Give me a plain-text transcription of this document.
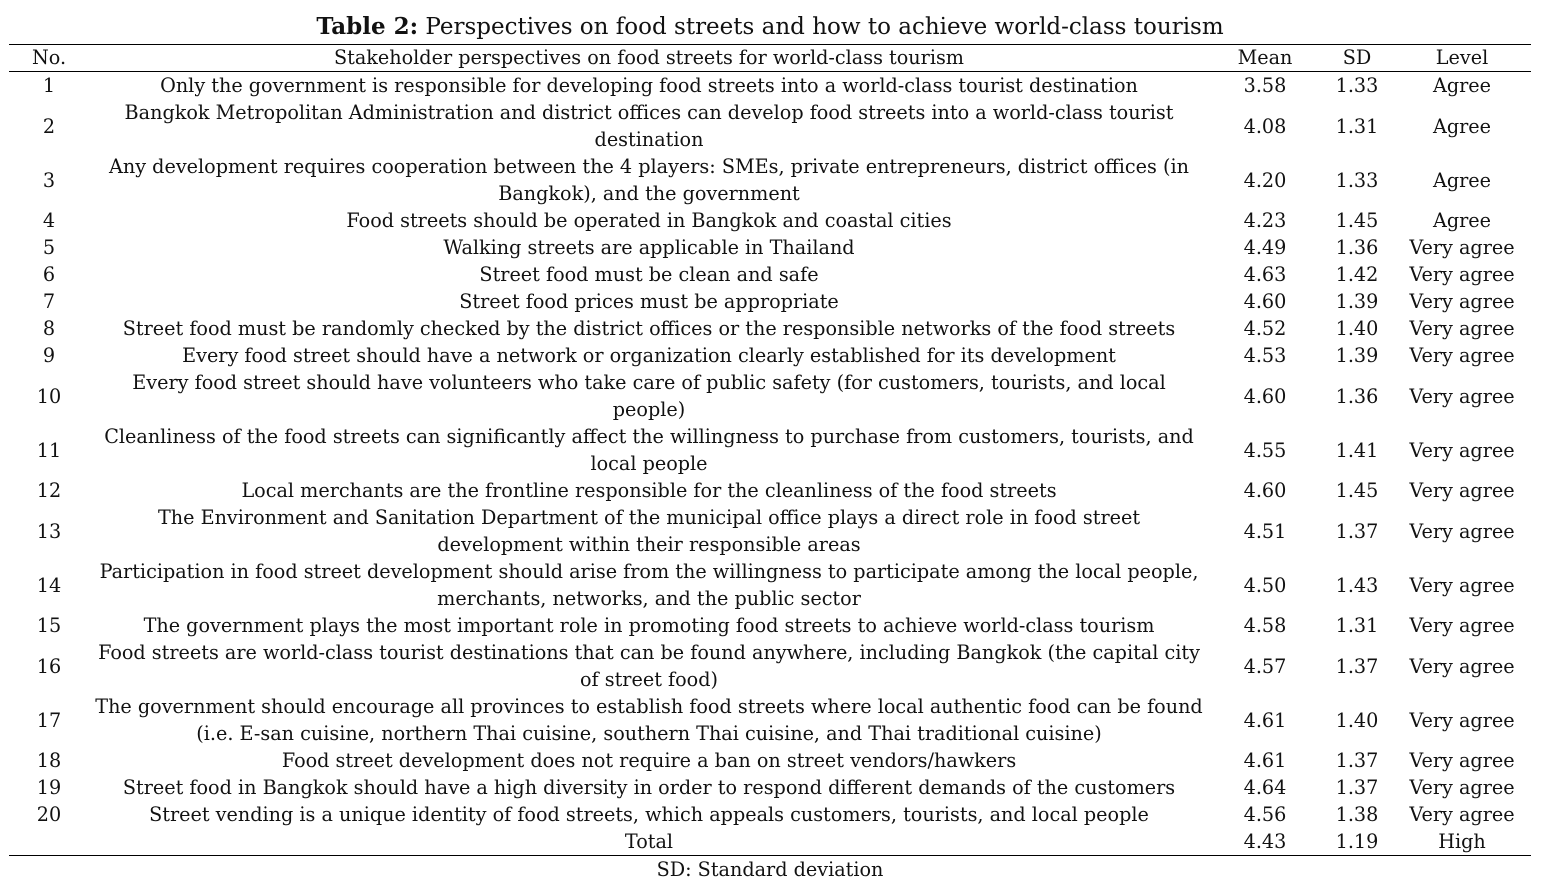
Table 2: Perspectives on food streets and how to achieve world-class tourism
No.	Stakeholder perspectives on food streets for world-class tourism	Mean	SD	Level
1	Only the government is responsible for developing food streets into a world-class tourist destination	3.58	1.33	Agree
2	Bangkok Metropolitan Administration and district offices can develop food streets into a world-class tourist destination	4.08	1.31	Agree
3	Any development requires cooperation between the 4 players: SMEs, private entrepreneurs, district offices (in Bangkok), and the government	4.20	1.33	Agree
4	Food streets should be operated in Bangkok and coastal cities	4.23	1.45	Agree
5	Walking streets are applicable in Thailand	4.49	1.36	Very agree
6	Street food must be clean and safe	4.63	1.42	Very agree
7	Street food prices must be appropriate	4.60	1.39	Very agree
8	Street food must be randomly checked by the district offices or the responsible networks of the food streets	4.52	1.40	Very agree
9	Every food street should have a network or organization clearly established for its development	4.53	1.39	Very agree
10	Every food street should have volunteers who take care of public safety (for customers, tourists, and local people)	4.60	1.36	Very agree
11	Cleanliness of the food streets can significantly affect the willingness to purchase from customers, tourists, and local people	4.55	1.41	Very agree
12	Local merchants are the frontline responsible for the cleanliness of the food streets	4.60	1.45	Very agree
13	The Environment and Sanitation Department of the municipal office plays a direct role in food street development within their responsible areas	4.51	1.37	Very agree
14	Participation in food street development should arise from the willingness to participate among the local people, merchants, networks, and the public sector	4.50	1.43	Very agree
15	The government plays the most important role in promoting food streets to achieve world-class tourism	4.58	1.31	Very agree
16	Food streets are world-class tourist destinations that can be found anywhere, including Bangkok (the capital city of street food)	4.57	1.37	Very agree
17	The government should encourage all provinces to establish food streets where local authentic food can be found (i.e. E-san cuisine, northern Thai cuisine, southern Thai cuisine, and Thai traditional cuisine)	4.61	1.40	Very agree
18	Food street development does not require a ban on street vendors/hawkers	4.61	1.37	Very agree
19	Street food in Bangkok should have a high diversity in order to respond different demands of the customers	4.64	1.37	Very agree
20	Street vending is a unique identity of food streets, which appeals customers, tourists, and local people	4.56	1.38	Very agree
	Total	4.43	1.19	High
SD: Standard deviation
